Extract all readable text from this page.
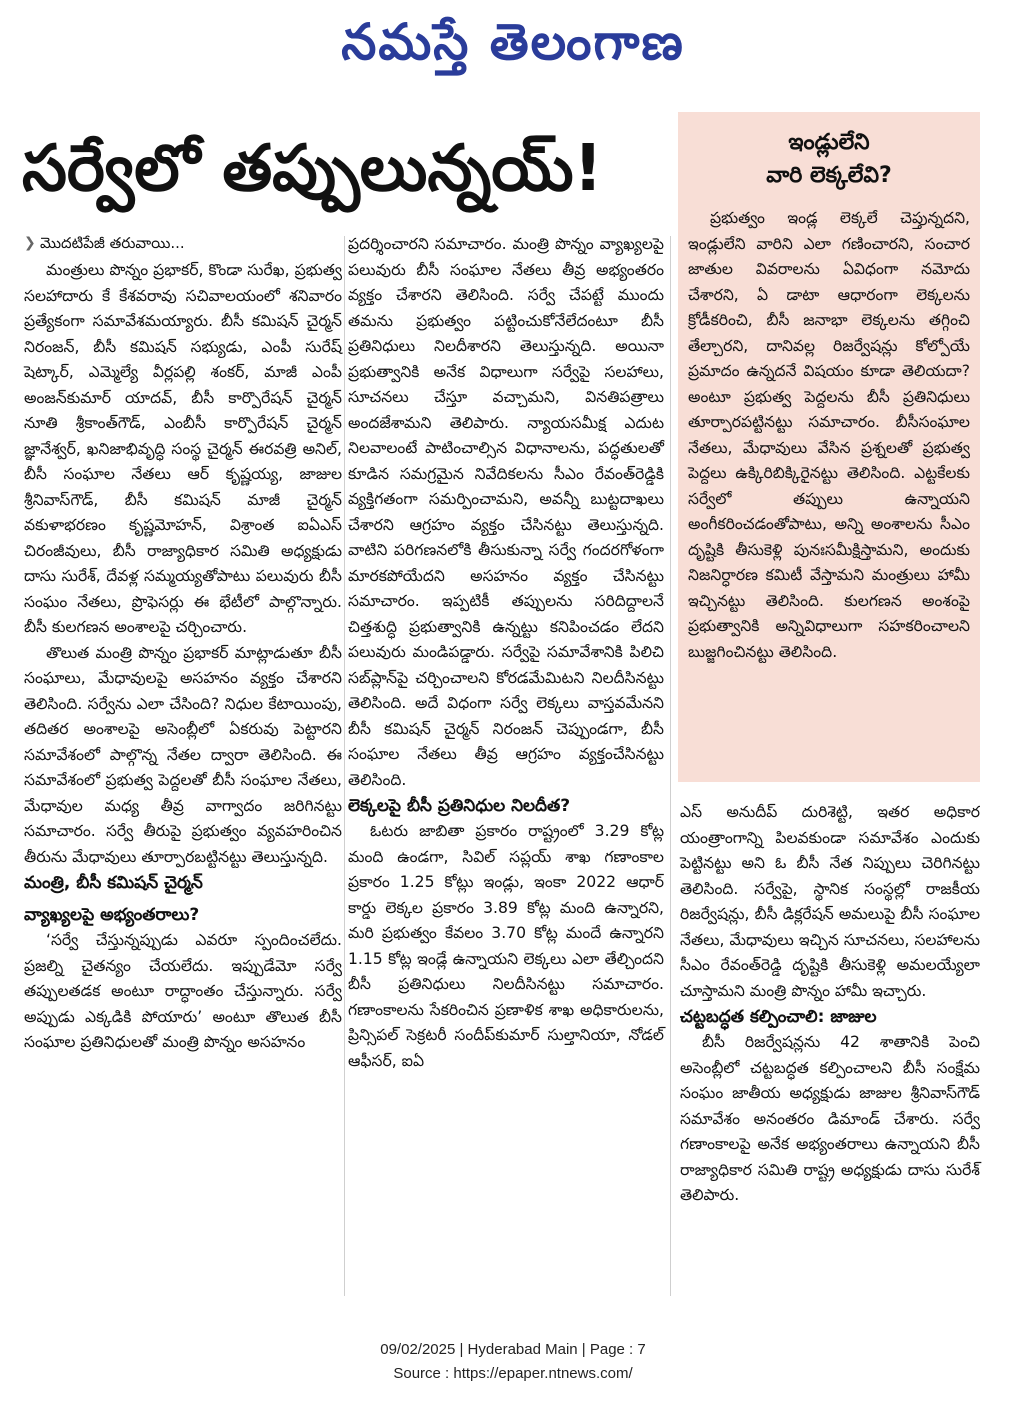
నమస్తే తెలంగాణ
సర్వేలో తప్పులున్నయ్!
❯ మొదటిపేజీ తరువాయి...

మంత్రులు పొన్నం ప్రభాకర్, కొండా సురేఖ, ప్రభుత్వ సలహాదారు కే కేశవరావు సచివాలయంలో శనివారం ప్రత్యేకంగా సమావేశమయ్యారు. బీసీ కమిషన్ చైర్మన్ నిరంజన్, బీసీ కమిషన్ సభ్యుడు, ఎంపీ సురేష్ షెట్కార్, ఎమ్మెల్యే వీర్లపల్లి శంకర్, మాజీ ఎంపీ అంజన్‌కుమార్ యాదవ్, బీసీ కార్పొరేషన్ చైర్మన్ నూతి శ్రీకాంత్‌గౌడ్, ఎంబీసీ కార్పొరేషన్ చైర్మన్ జ్ఞానేశ్వర్, ఖనిజాభివృద్ధి సంస్థ చైర్మన్ ఈరవత్రి అనిల్, బీసీ సంఘాల నేతలు ఆర్ కృష్ణయ్య, జాజుల శ్రీనివాస్‌గౌడ్, బీసీ కమిషన్ మాజీ చైర్మన్ వకుళాభరణం కృష్ణమోహన్, విశ్రాంత ఐఏఎస్ చిరంజీవులు, బీసీ రాజ్యాధికార సమితి అధ్యక్షుడు దాసు సురేశ్, దేవళ్ల సమ్మయ్యతోపాటు పలువురు బీసీ సంఘం నేతలు, ప్రొఫెసర్లు ఈ భేటీలో పాల్గొన్నారు. బీసీ కులగణన అంశాలపై చర్చించారు.

తొలుత మంత్రి పొన్నం ప్రభాకర్ మాట్లాడుతూ బీసీ సంఘాలు, మేధావులపై అసహనం వ్యక్తం చేశారని తెలిసింది. సర్వేను ఎలా చేసింది? నిధుల కేటాయింపు, తదితర అంశాలపై అసెంబ్లీలో ఏకరువు పెట్టారని సమావేశంలో పాల్గొన్న నేతల ద్వారా తెలిసింది. ఈ సమావేశంలో ప్రభుత్వ పెద్దలతో బీసీ సంఘాల నేతలు, మేధావుల మధ్య తీవ్ర వాగ్వాదం జరిగినట్టు సమాచారం. సర్వే తీరుపై ప్రభుత్వం వ్యవహరించిన తీరును మేధావులు తూర్పారబట్టినట్టు తెలుస్తున్నది.

మంత్రి, బీసీ కమిషన్ చైర్మన్

వ్యాఖ్యలపై అభ్యంతరాలు?

‘సర్వే చేస్తున్నప్పుడు ఎవరూ స్పందించలేదు. ప్రజల్ని చైతన్యం చేయలేదు. ఇప్పుడేమో సర్వే తప్పులతడక అంటూ రాద్ధాంతం చేస్తున్నారు. సర్వే అప్పుడు ఎక్కడికి పోయారు’ అంటూ తొలుత బీసీ సంఘాల ప్రతినిధులతో మంత్రి పొన్నం అసహనం

ప్రదర్శించారని సమాచారం. మంత్రి పొన్నం వ్యాఖ్యలపై పలువురు బీసీ సంఘాల నేతలు తీవ్ర అభ్యంతరం వ్యక్తం చేశారని తెలిసింది. సర్వే చేపట్టే ముందు తమను ప్రభుత్వం పట్టించుకోనేలేదంటూ బీసీ ప్రతినిధులు నిలదీశారని తెలుస్తున్నది. అయినా ప్రభుత్వానికి అనేక విధాలుగా సర్వేపై సలహాలు, సూచనలు చేస్తూ వచ్చామని, వినతిపత్రాలు అందజేశామని తెలిపారు. న్యాయసమీక్ష ఎదుట నిలవాలంటే పాటించాల్సిన విధానాలను, పద్ధతులతో కూడిన సమగ్రమైన నివేదికలను సీఎం రేవంత్‌రెడ్డికి వ్యక్తిగతంగా సమర్పించామని, అవన్నీ బుట్టదాఖలు చేశారని ఆగ్రహం వ్యక్తం చేసినట్టు తెలుస్తున్నది. వాటిని పరిగణనలోకి తీసుకున్నా సర్వే గందరగోళంగా మారకపోయేదని అసహనం వ్యక్తం చేసినట్టు సమాచారం. ఇప్పటికీ తప్పులను సరిదిద్దాలనే చిత్తశుద్ధి ప్రభుత్వానికి ఉన్నట్టు కనిపించడం లేదని పలువురు మండిపడ్డారు. సర్వేపై సమావేశానికి పిలిచి సబ్‌ప్లాన్‌పై చర్చించాలని కోరడమేమిటని నిలదీసినట్టు తెలిసింది. అదే విధంగా సర్వే లెక్కలు వాస్తవమేనని బీసీ కమిషన్ చైర్మన్ నిరంజన్ చెప్పుండగా, బీసీ సంఘాల నేతలు తీవ్ర ఆగ్రహం వ్యక్తంచేసినట్టు తెలిసింది.

లెక్కలపై బీసీ ప్రతినిధుల నిలదీత?

ఓటరు జాబితా ప్రకారం రాష్ట్రంలో 3.29 కోట్ల మంది ఉండగా, సివిల్ సప్లయ్ శాఖ గణాంకాల ప్రకారం 1.25 కోట్లు ఇండ్లు, ఇంకా 2022 ఆధార్ కార్డు లెక్కల ప్రకారం 3.89 కోట్ల మంది ఉన్నారని, మరి ప్రభుత్వం కేవలం 3.70 కోట్ల మందే ఉన్నారని 1.15 కోట్ల ఇండ్లే ఉన్నాయని లెక్కలు ఎలా తేల్చిందని బీసీ ప్రతినిధులు నిలదీసినట్టు సమాచారం. గణాంకాలను సేకరించిన ప్రణాళిక శాఖ అధికారులను, ప్రిన్సిపల్ సెక్రటరీ సందీప్‌కుమార్ సుల్తానియా, నోడల్ ఆఫీసర్, ఐఏ

ఇండ్లులేని
వారి లెక్కలేవి?

ప్రభుత్వం ఇండ్ల లెక్కలే చెప్తున్నదని, ఇండ్లులేని వారిని ఎలా గణించారని, సంచార జాతుల వివరాలను ఏవిధంగా నమోదు చేశారని, ఏ డాటా ఆధారంగా లెక్కలను క్రోడీకరించి, బీసీ జనాభా లెక్కలను తగ్గించి తేల్చారని, దానివల్ల రిజర్వేషన్లు కోల్పోయే ప్రమాదం ఉన్నదనే విషయం కూడా తెలియదా? అంటూ ప్రభుత్వ పెద్దలను బీసీ ప్రతినిధులు తూర్పారపట్టినట్టు సమాచారం. బీసీసంఘాల నేతలు, మేధావులు వేసిన ప్రశ్నలతో ప్రభుత్వ పెద్దలు ఉక్కిరిబిక్కిరైనట్టు తెలిసింది. ఎట్టకేలకు సర్వేలో తప్పులు ఉన్నాయని అంగీకరించడంతోపాటు, అన్ని అంశాలను సీఎం దృష్టికి తీసుకెళ్లి పునఃసమీక్షిస్తామని, అందుకు నిజనిర్ధారణ కమిటీ వేస్తామని మంత్రులు హామీ ఇచ్చినట్టు తెలిసింది. కులగణన అంశంపై ప్రభుత్వానికి అన్నివిధాలుగా సహకరించాలని బుజ్జగించినట్టు తెలిసింది.

ఎస్ అనుదీప్ దురిశెట్టి, ఇతర అధికార యంత్రాంగాన్ని పిలవకుండా సమావేశం ఎందుకు పెట్టినట్టు అని ఓ బీసీ నేత నిప్పులు చెరిగినట్టు తెలిసింది. సర్వేపై, స్థానిక సంస్థల్లో రాజకీయ రిజర్వేషన్లు, బీసీ డిక్లరేషన్ అమలుపై బీసీ సంఘాల నేతలు, మేధావులు ఇచ్చిన సూచనలు, సలహాలను సీఎం రేవంత్‌రెడ్డి దృష్టికి తీసుకెళ్లి అమలయ్యేలా చూస్తామని మంత్రి పొన్నం హామీ ఇచ్చారు.

చట్టబద్ధత కల్పించాలి: జాజుల

బీసీ రిజర్వేషన్లను 42 శాతానికి పెంచి అసెంబ్లీలో చట్టబద్ధత కల్పించాలని బీసీ సంక్షేమ సంఘం జాతీయ అధ్యక్షుడు జాజుల శ్రీనివాస్‌గౌడ్ సమావేశం అనంతరం డిమాండ్ చేశారు. సర్వే గణాంకాలపై అనేక అభ్యంతరాలు ఉన్నాయని బీసీ రాజ్యాధికార సమితి రాష్ట్ర అధ్యక్షుడు దాసు సురేశ్ తెలిపారు.

09/02/2025 | Hyderabad Main | Page : 7
Source : https://epaper.ntnews.com/
